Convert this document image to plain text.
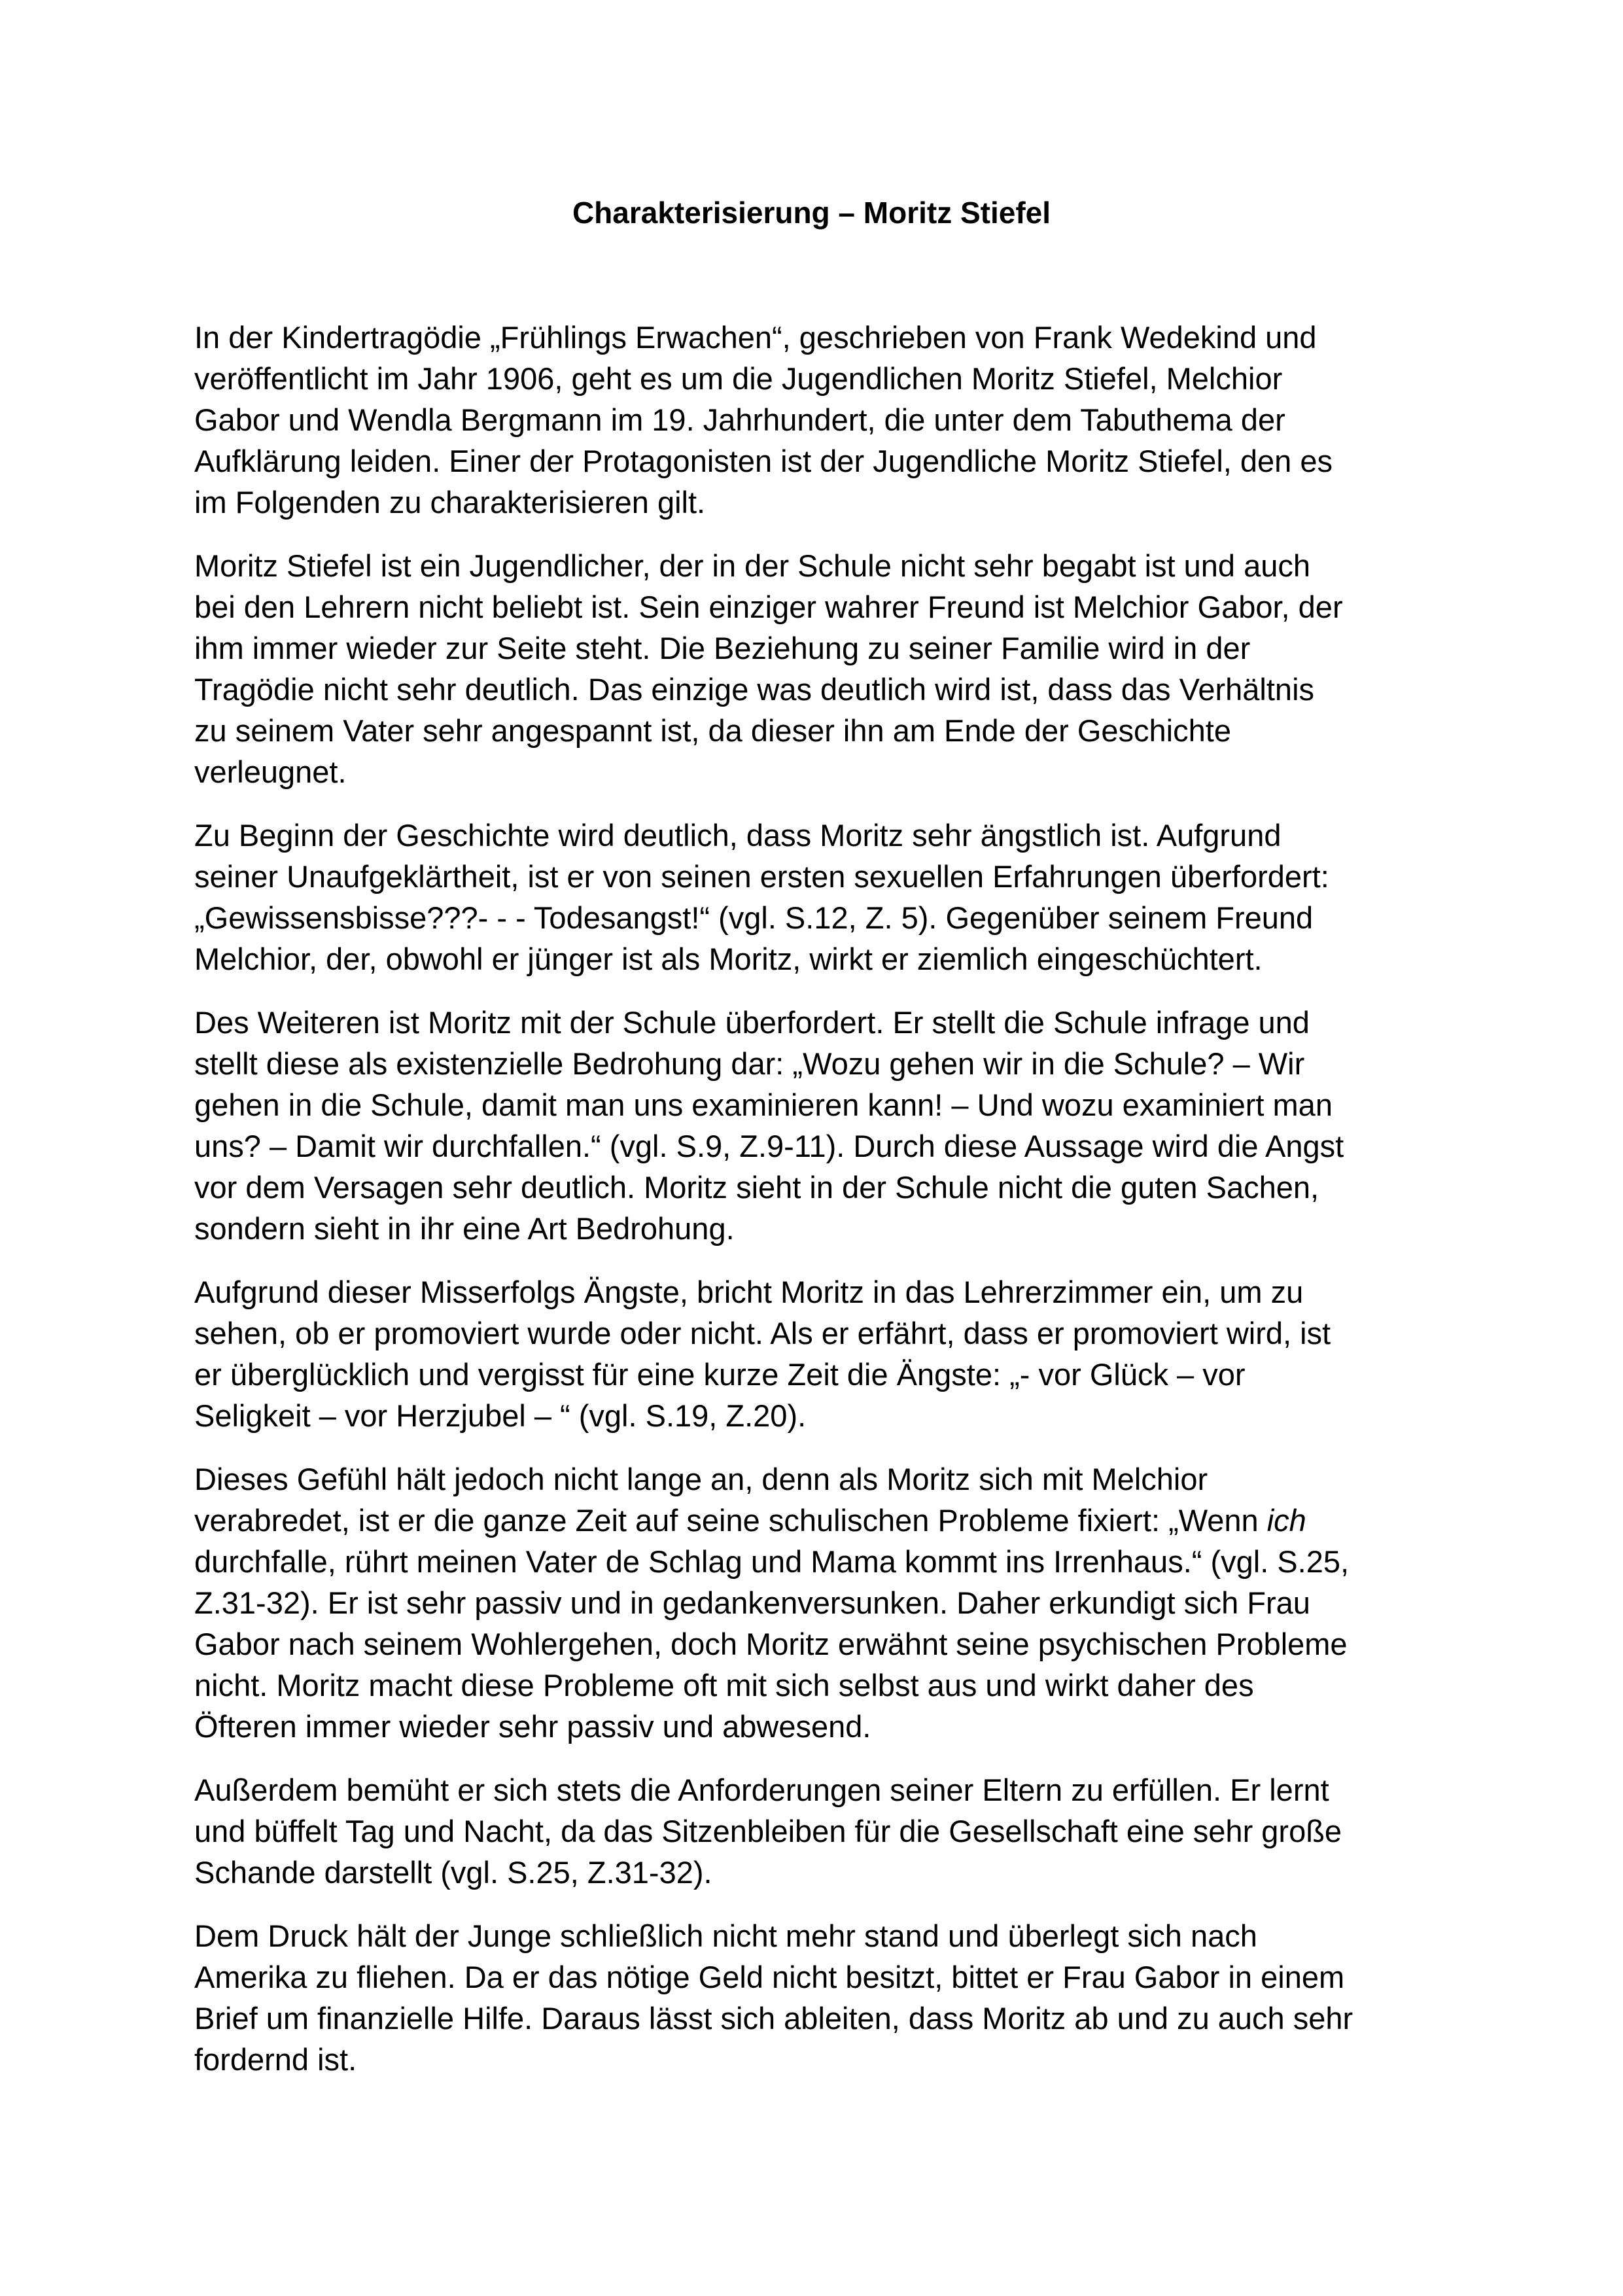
Charakterisierung – Moritz Stiefel

In der Kindertragödie „Frühlings Erwachen“, geschrieben von Frank Wedekind und
veröffentlicht im Jahr 1906, geht es um die Jugendlichen Moritz Stiefel, Melchior
Gabor und Wendla Bergmann im 19. Jahrhundert, die unter dem Tabuthema der
Aufklärung leiden. Einer der Protagonisten ist der Jugendliche Moritz Stiefel, den es
im Folgenden zu charakterisieren gilt.

Moritz Stiefel ist ein Jugendlicher, der in der Schule nicht sehr begabt ist und auch
bei den Lehrern nicht beliebt ist. Sein einziger wahrer Freund ist Melchior Gabor, der
ihm immer wieder zur Seite steht. Die Beziehung zu seiner Familie wird in der
Tragödie nicht sehr deutlich. Das einzige was deutlich wird ist, dass das Verhältnis
zu seinem Vater sehr angespannt ist, da dieser ihn am Ende der Geschichte
verleugnet.

Zu Beginn der Geschichte wird deutlich, dass Moritz sehr ängstlich ist. Aufgrund
seiner Unaufgeklärtheit, ist er von seinen ersten sexuellen Erfahrungen überfordert:
„Gewissensbisse???- - - Todesangst!“ (vgl. S.12, Z. 5). Gegenüber seinem Freund
Melchior, der, obwohl er jünger ist als Moritz, wirkt er ziemlich eingeschüchtert.

Des Weiteren ist Moritz mit der Schule überfordert. Er stellt die Schule infrage und
stellt diese als existenzielle Bedrohung dar: „Wozu gehen wir in die Schule? – Wir
gehen in die Schule, damit man uns examinieren kann! – Und wozu examiniert man
uns? – Damit wir durchfallen.“ (vgl. S.9, Z.9-11). Durch diese Aussage wird die Angst
vor dem Versagen sehr deutlich. Moritz sieht in der Schule nicht die guten Sachen,
sondern sieht in ihr eine Art Bedrohung.

Aufgrund dieser Misserfolgs Ängste, bricht Moritz in das Lehrerzimmer ein, um zu
sehen, ob er promoviert wurde oder nicht. Als er erfährt, dass er promoviert wird, ist
er überglücklich und vergisst für eine kurze Zeit die Ängste: „- vor Glück – vor
Seligkeit – vor Herzjubel – “ (vgl. S.19, Z.20).

Dieses Gefühl hält jedoch nicht lange an, denn als Moritz sich mit Melchior
verabredet, ist er die ganze Zeit auf seine schulischen Probleme fixiert: „Wenn ich
durchfalle, rührt meinen Vater de Schlag und Mama kommt ins Irrenhaus.“ (vgl. S.25,
Z.31-32). Er ist sehr passiv und in gedankenversunken. Daher erkundigt sich Frau
Gabor nach seinem Wohlergehen, doch Moritz erwähnt seine psychischen Probleme
nicht. Moritz macht diese Probleme oft mit sich selbst aus und wirkt daher des
Öfteren immer wieder sehr passiv und abwesend.

Außerdem bemüht er sich stets die Anforderungen seiner Eltern zu erfüllen. Er lernt
und büffelt Tag und Nacht, da das Sitzenbleiben für die Gesellschaft eine sehr große
Schande darstellt (vgl. S.25, Z.31-32).

Dem Druck hält der Junge schließlich nicht mehr stand und überlegt sich nach
Amerika zu fliehen. Da er das nötige Geld nicht besitzt, bittet er Frau Gabor in einem
Brief um finanzielle Hilfe. Daraus lässt sich ableiten, dass Moritz ab und zu auch sehr
fordernd ist.
